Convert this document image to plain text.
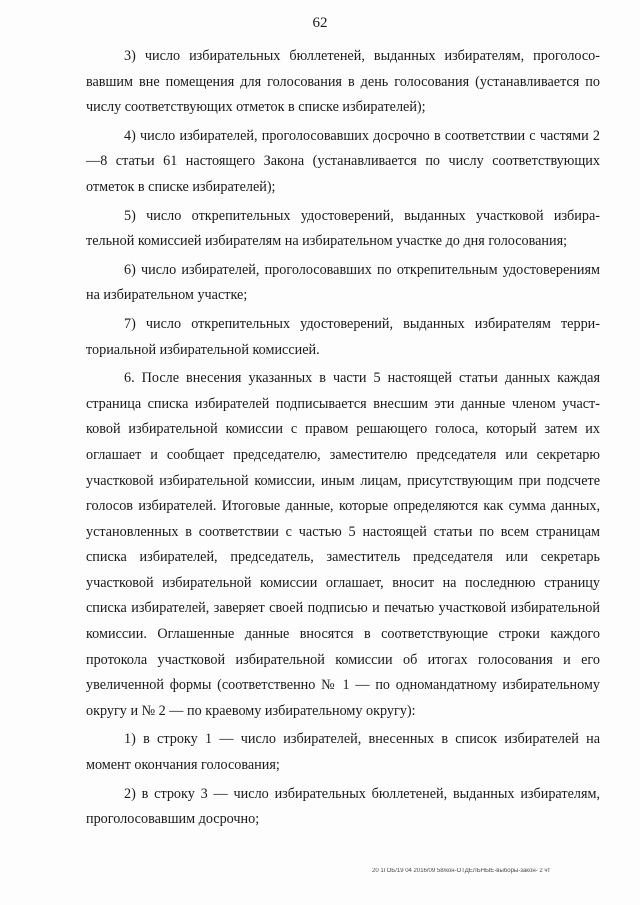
62

3) число избирательных бюллетеней, выданных избирателям, проголосовавшим вне помещения для голосования в день голосования (устанавливается по числу соответствующих отметок в списке избирателей);

4) число избирателей, проголосовавших досрочно в соответствии с частями 2—8 статьи 61 настоящего Закона (устанавливается по числу соответствующих отметок в списке избирателей);

5) число открепительных удостоверений, выданных участковой избирательной комиссией избирателям на избирательном участке до дня голосования;

6) число избирателей, проголосовавших по открепительным удостоверениям на избирательном участке;

7) число открепительных удостоверений, выданных избирателям территориальной избирательной комиссией.

6. После внесения указанных в части 5 настоящей статьи данных каждая страница списка избирателей подписывается внесшим эти данные членом участковой избирательной комиссии с правом решающего голоса, который затем их оглашает и сообщает председателю, заместителю председателя или секретарю участковой избирательной комиссии, иным лицам, присутствующим при подсчете голосов избирателей. Итоговые данные, которые определяются как сумма данных, установленных в соответствии с частью 5 настоящей статьи по всем страницам списка избирателей, председатель, заместитель председателя или секретарь участковой избирательной комиссии оглашает, вносит на последнюю страницу списка избирателей, заверяет своей подписью и печатью участковой избирательной комиссии. Оглашенные данные вносятся в соответствующие строки каждого протокола участковой избирательной комиссии об итогах голосования и его увеличенной формы (соответственно № 1 — по одномандатному избирательному округу и № 2 — по краевому избирательному округу):

1) в строку 1 — число избирателей, внесенных в список избирателей на момент окончания голосования;

2) в строку 3 — число избирательных бюллетеней, выданных избирателям, проголосовавшим досрочно;

20 1ГОБ/19 04 2016/09 58/кон-ОТДЕЛЬНЫЕ-выборы-закон- 2 чт
